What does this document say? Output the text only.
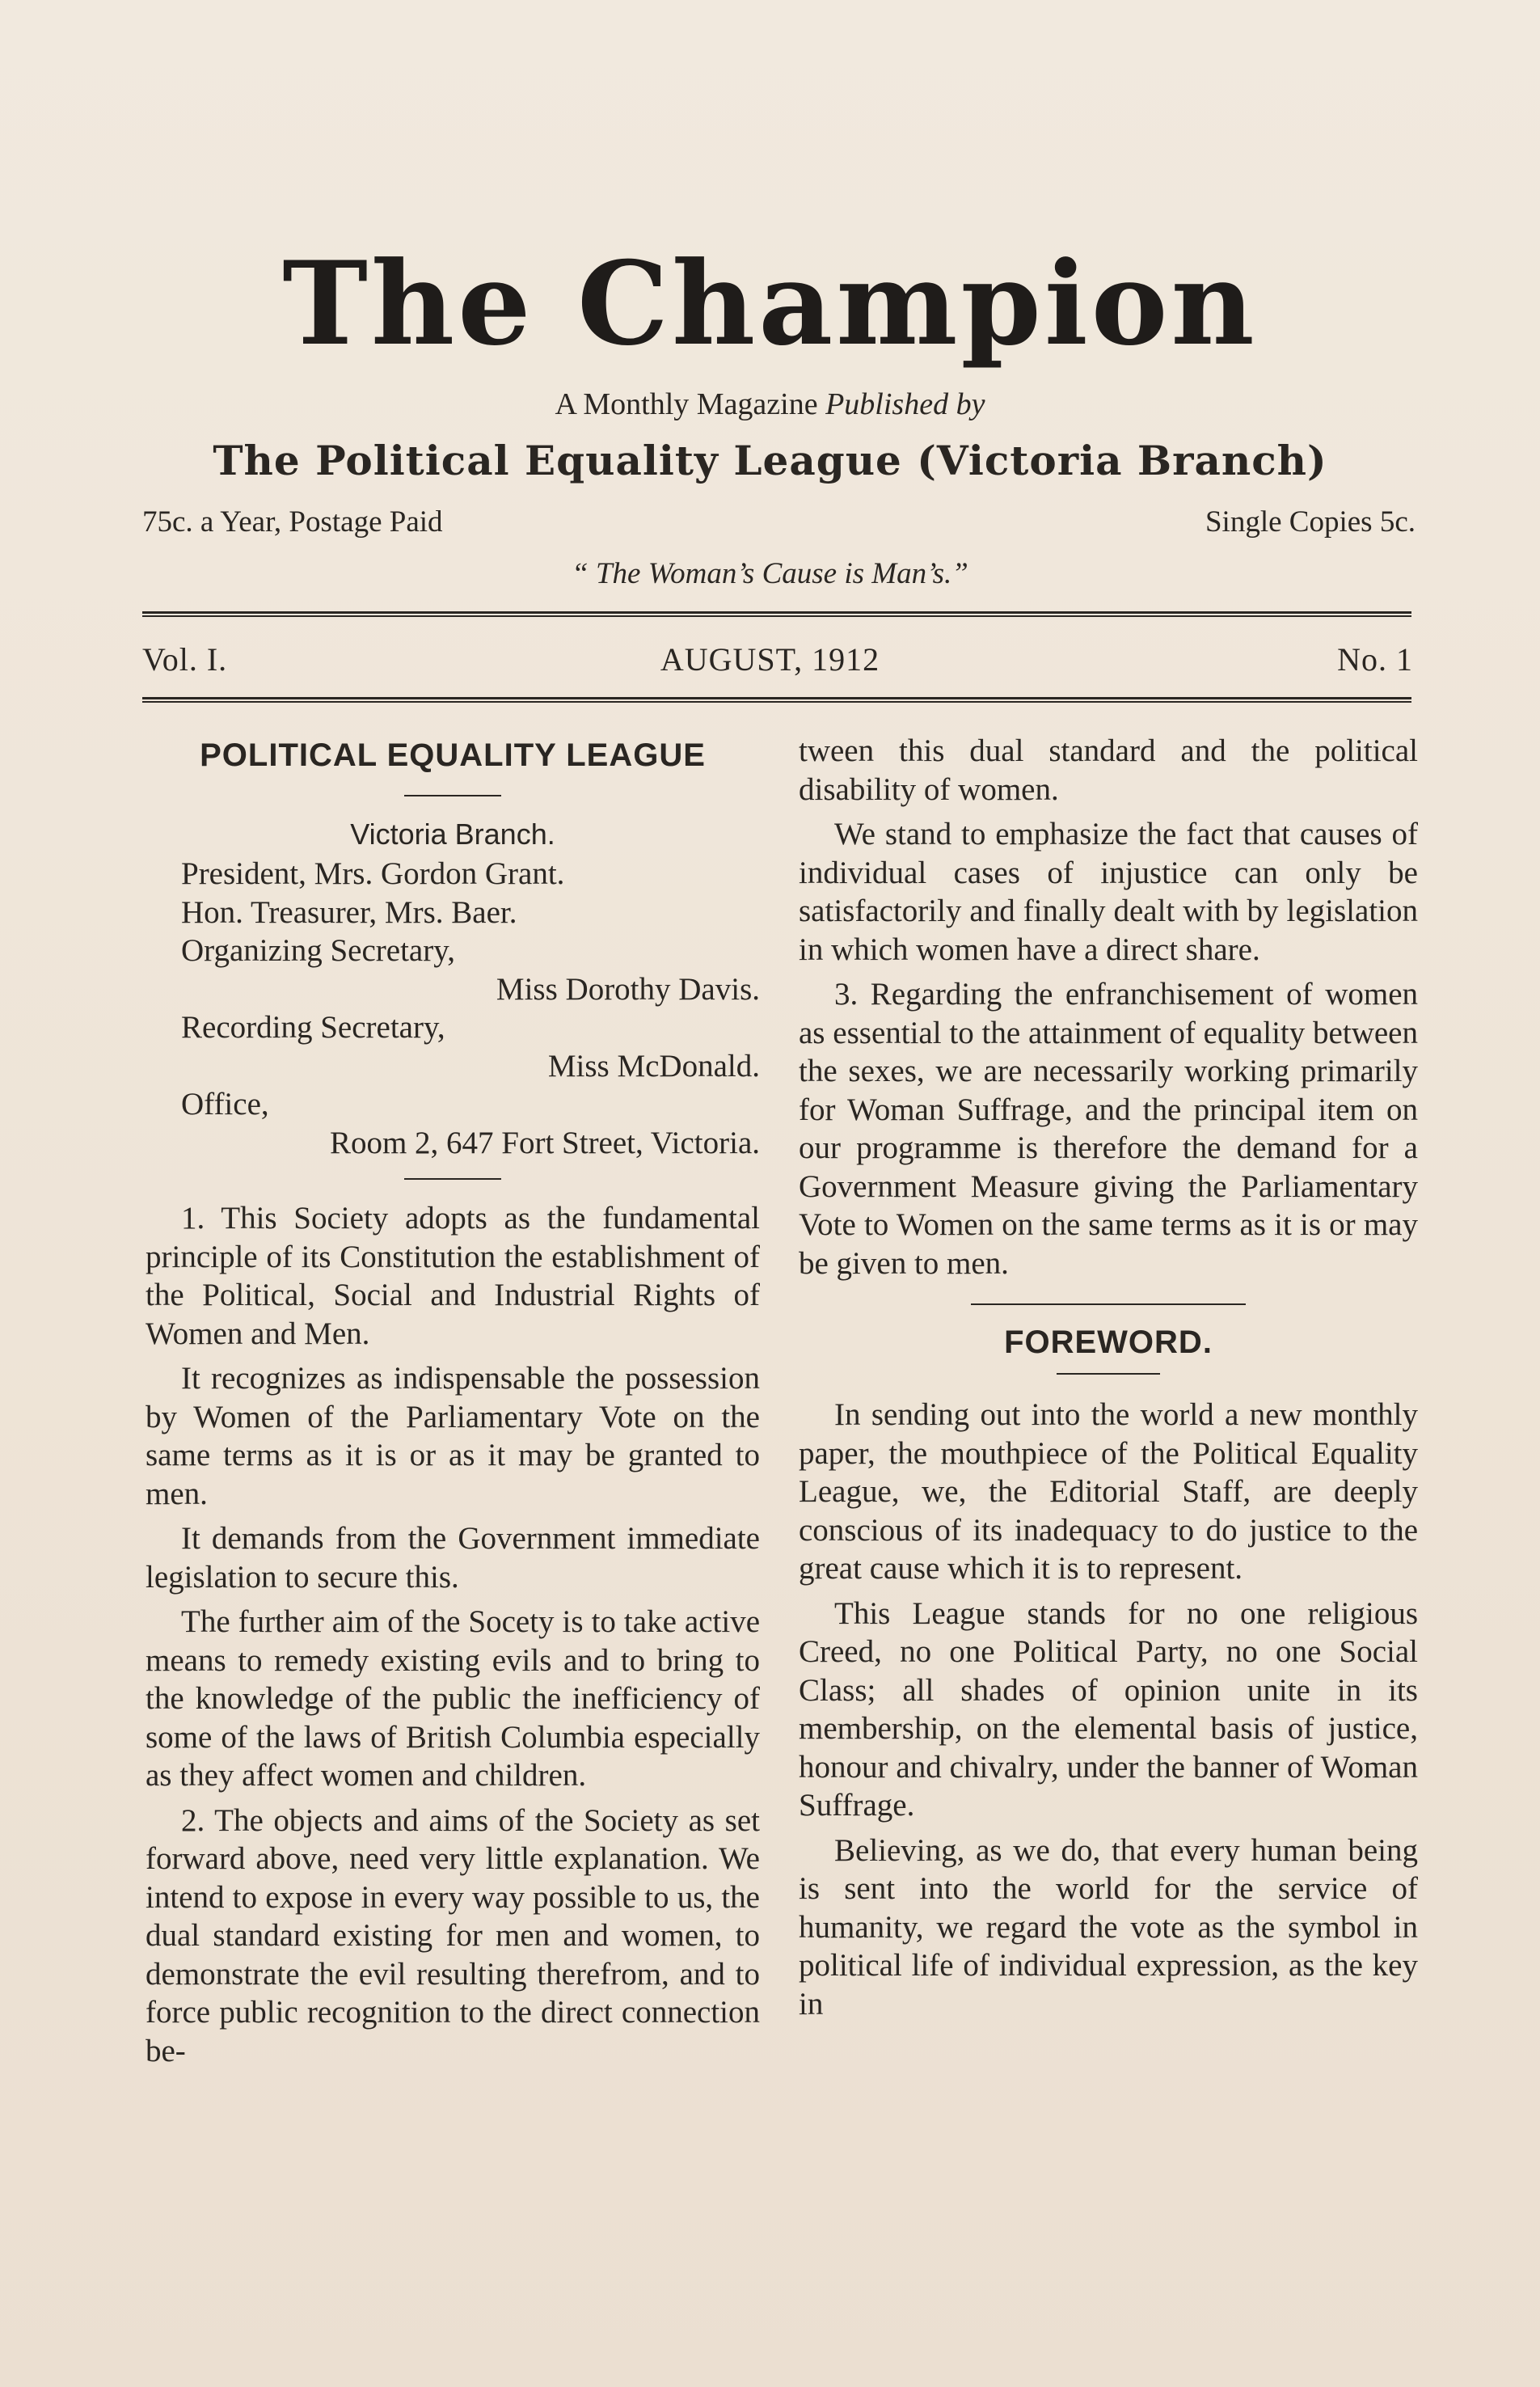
The Champion
A Monthly Magazine Published by
The Political Equality League (Victoria Branch)
75c. a Year, Postage Paid	Single Copies 5c.
“ The Woman’s Cause is Man’s.”
Vol. I.	AUGUST, 1912	No. 1
POLITICAL EQUALITY LEAGUE

Victoria Branch.

President, Mrs. Gordon Grant.

Hon. Treasurer, Mrs. Baer.

Organizing Secretary,

Miss Dorothy Davis.

Recording Secretary,

Miss McDonald.

Office,

Room 2, 647 Fort Street, Victoria.

1. This Society adopts as the fundamental principle of its Constitution the establishment of the Political, Social and Industrial Rights of Women and Men.

It recognizes as indispensable the possession by Women of the Parliamentary Vote on the same terms as it is or as it may be granted to men.

It demands from the Government immediate legislation to secure this.

The further aim of the Socety is to take active means to remedy existing evils and to bring to the knowledge of the public the inefficiency of some of the laws of British Columbia especially as they affect women and children.

2. The objects and aims of the Society as set forward above, need very little explanation. We intend to expose in every way possible to us, the dual standard existing for men and women, to demonstrate the evil resulting therefrom, and to force public recognition to the direct connection be-

tween this dual standard and the political disability of women.

We stand to emphasize the fact that causes of individual cases of injustice can only be satisfactorily and finally dealt with by legislation in which women have a direct share.

3. Regarding the enfranchisement of women as essential to the attainment of equality between the sexes, we are necessarily working primarily for Woman Suffrage, and the principal item on our programme is therefore the demand for a Government Measure giving the Parliamentary Vote to Women on the same terms as it is or may be given to men.

FOREWORD.

In sending out into the world a new monthly paper, the mouthpiece of the Political Equality League, we, the Editorial Staff, are deeply conscious of its inadequacy to do justice to the great cause which it is to represent.

This League stands for no one religious Creed, no one Political Party, no one Social Class; all shades of opinion unite in its membership, on the elemental basis of justice, honour and chivalry, under the banner of Woman Suffrage.

Believing, as we do, that every human being is sent into the world for the service of humanity, we regard the vote as the symbol in political life of individual expression, as the key in
